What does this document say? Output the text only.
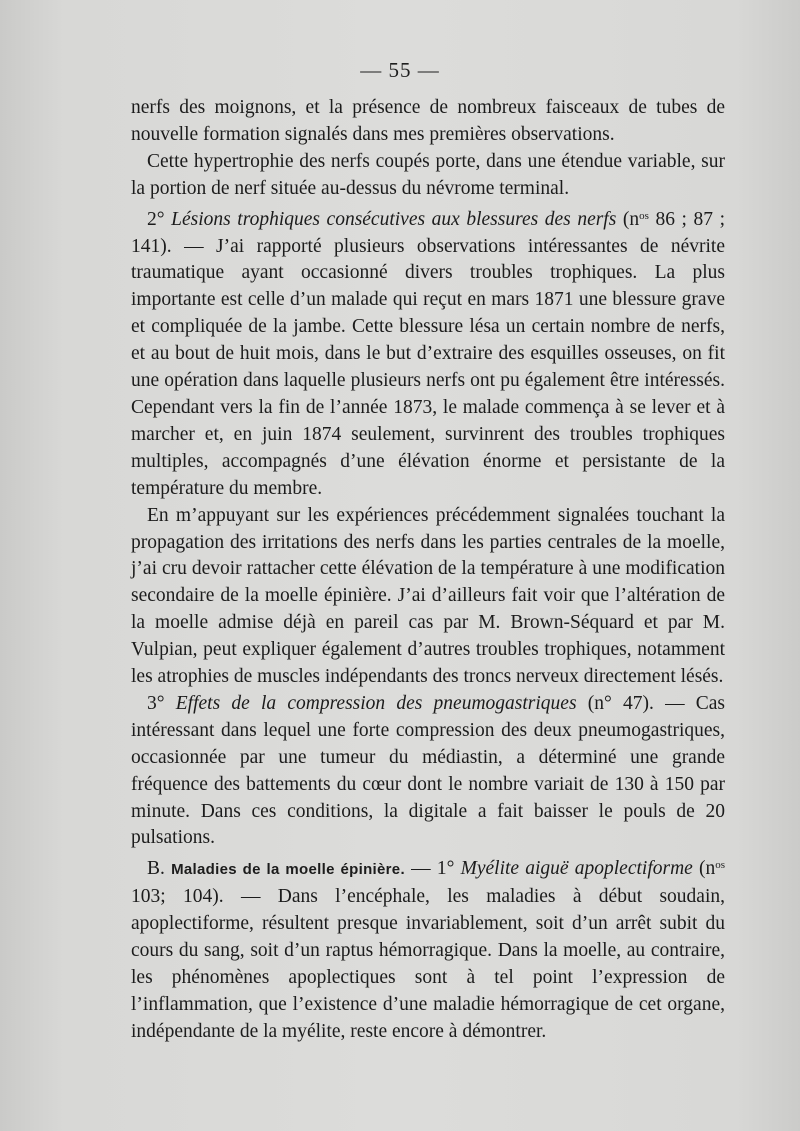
— 55 —

nerfs des moignons, et la présence de nombreux faisceaux de tubes de nouvelle formation signalés dans mes premières observations.

Cette hypertrophie des nerfs coupés porte, dans une étendue variable, sur la portion de nerf située au-dessus du névrome terminal.

2° Lésions trophiques consécutives aux blessures des nerfs ($n^{os}$ 86 ; 87 ; 141). — J’ai rapporté plusieurs observations intéressantes de névrite traumatique ayant occasionné divers troubles trophiques. La plus importante est celle d’un malade qui reçut en mars 1871 une blessure grave et compliquée de la jambe. Cette blessure lésa un certain nombre de nerfs, et au bout de huit mois, dans le but d’extraire des esquilles osseuses, on fit une opération dans laquelle plusieurs nerfs ont pu également être intéressés. Cependant vers la fin de l’année 1873, le malade commença à se lever et à marcher et, en juin 1874 seulement, survinrent des troubles trophiques multiples, accompagnés d’une élévation énorme et persistante de la température du membre.

En m’appuyant sur les expériences précédemment signalées touchant la propagation des irritations des nerfs dans les parties centrales de la moelle, j’ai cru devoir rattacher cette élévation de la température à une modification secondaire de la moelle épinière. J’ai d’ailleurs fait voir que l’altération de la moelle admise déjà en pareil cas par M. Brown-Séquard et par M. Vulpian, peut expliquer également d’autres troubles trophiques, notamment les atrophies de muscles indépendants des troncs nerveux directement lésés.

3° Effets de la compression des pneumogastriques (n° 47). — Cas intéressant dans lequel une forte compression des deux pneumogastriques, occasionnée par une tumeur du médiastin, a déterminé une grande fréquence des battements du cœur dont le nombre variait de 130 à 150 par minute. Dans ces conditions, la digitale a fait baisser le pouls de 20 pulsations.

B. Maladies de la moelle épinière. — 1° Myélite aiguë apoplectiforme ($n^{os}$ 103; 104). — Dans l’encéphale, les maladies à début soudain, apoplectiforme, résultent presque invariablement, soit d’un arrêt subit du cours du sang, soit d’un raptus hémorragique. Dans la moelle, au contraire, les phénomènes apoplectiques sont à tel point l’expression de l’inflammation, que l’existence d’une maladie hémorragique de cet organe, indépendante de la myélite, reste encore à démontrer.
